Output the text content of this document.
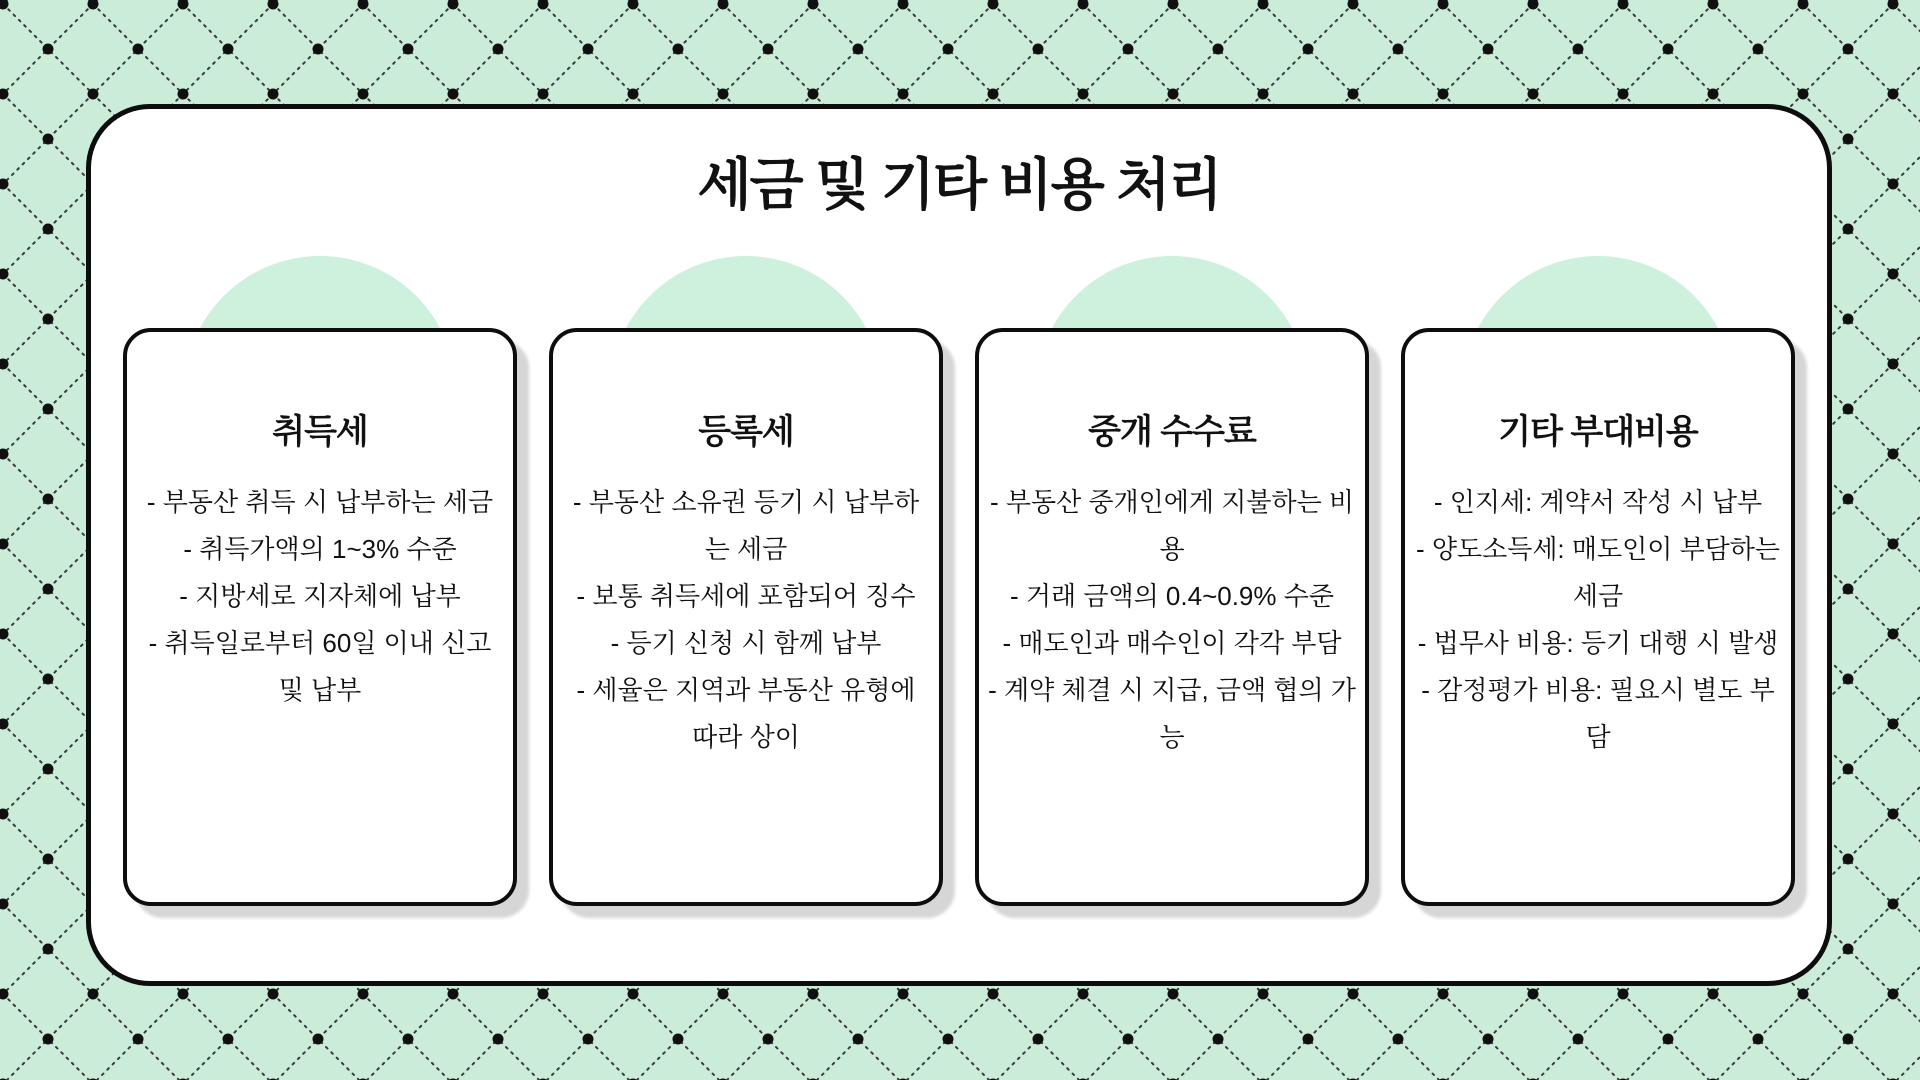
세금 및 기타 비용 처리
취득세

- 부동산 취득 시 납부하는 세금

- 취득가액의 1~3% 수준

- 지방세로 지자체에 납부

- 취득일로부터 60일 이내 신고 및 납부

등록세

- 부동산 소유권 등기 시 납부하는 세금

- 보통 취득세에 포함되어 징수

- 등기 신청 시 함께 납부

- 세율은 지역과 부동산 유형에 따라 상이

중개 수수료

- 부동산 중개인에게 지불하는 비용

- 거래 금액의 0.4~0.9% 수준

- 매도인과 매수인이 각각 부담

- 계약 체결 시 지급, 금액 협의 가능

기타 부대비용

- 인지세: 계약서 작성 시 납부

- 양도소득세: 매도인이 부담하는 세금

- 법무사 비용: 등기 대행 시 발생

- 감정평가 비용: 필요시 별도 부담
